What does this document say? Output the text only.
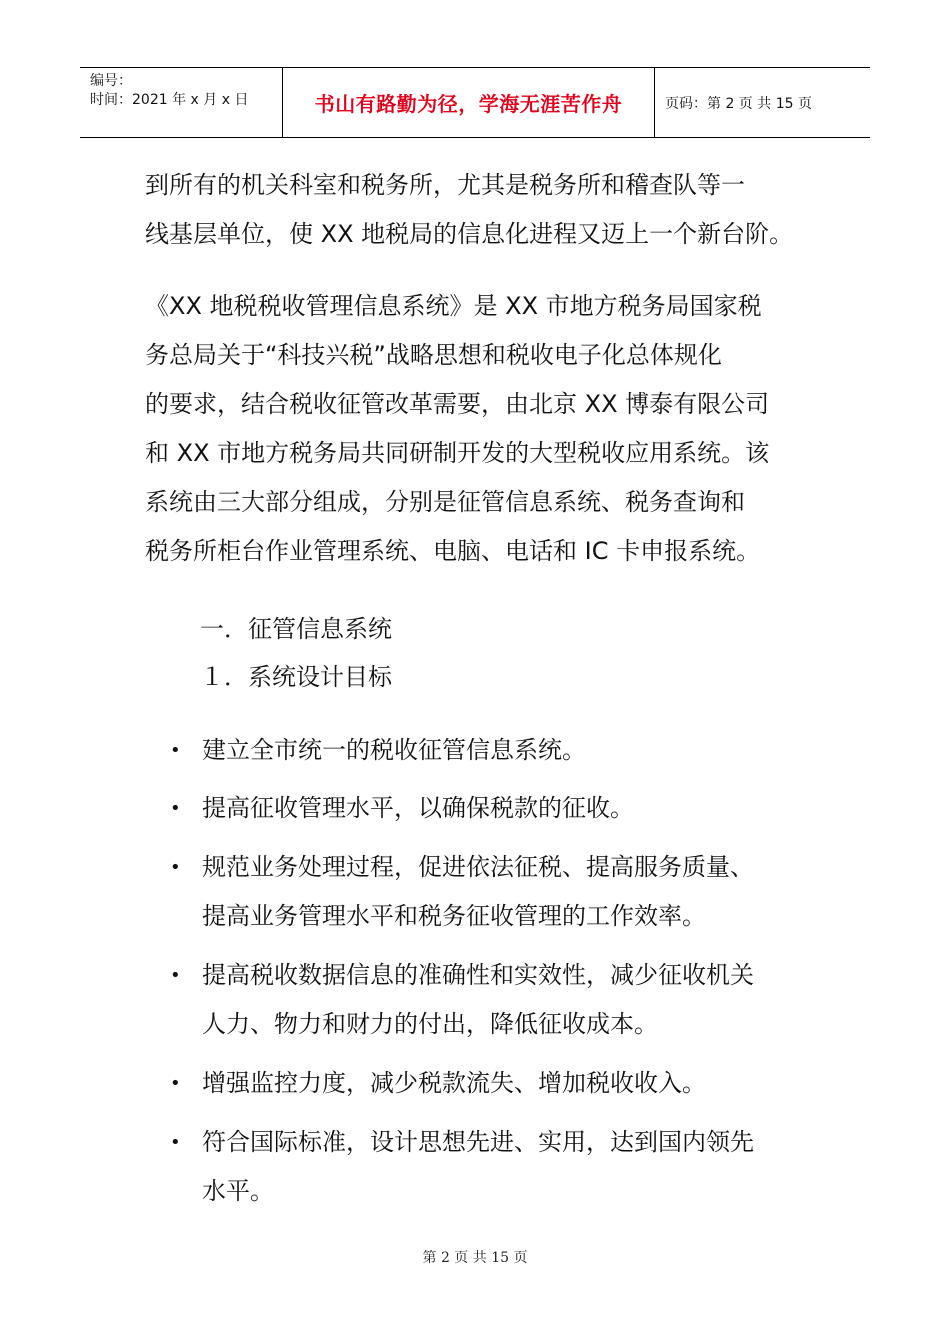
编号：
时间：2021 年 x 月 x 日	书山有路勤为径，学海无涯苦作舟	页码：第 2 页 共 15 页
到所有的机关科室和税务所，尤其是税务所和稽查队等一
线基层单位，使 XX 地税局的信息化进程又迈上一个新台阶。
《XX 地税税收管理信息系统》是 XX 市地方税务局国家税
务总局关于“科技兴税”战略思想和税收电子化总体规化
的要求，结合税收征管改革需要，由北京 XX 博泰有限公司
和 XX 市地方税务局共同研制开发的大型税收应用系统。该
系统由三大部分组成，分别是征管信息系统、税务查询和
税务所柜台作业管理系统、电脑、电话和 IC 卡申报系统。
一．征管信息系统
１．系统设计目标
• 建立全市统一的税收征管信息系统。
• 提高征收管理水平，以确保税款的征收。
• 规范业务处理过程，促进依法征税、提高服务质量、
提高业务管理水平和税务征收管理的工作效率。
• 提高税收数据信息的准确性和实效性，减少征收机关
人力、物力和财力的付出，降低征收成本。
• 增强监控力度，减少税款流失、增加税收收入。
• 符合国际标准，设计思想先进、实用，达到国内领先
水平。
第 2 页 共 15 页
